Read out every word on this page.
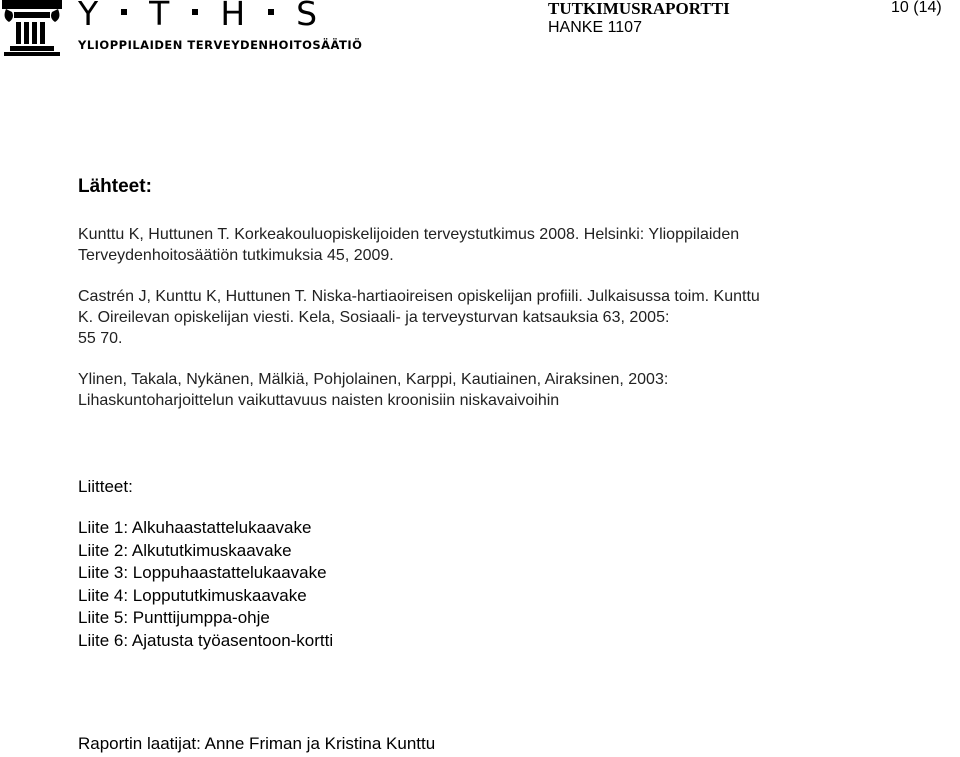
Y T H S
YLIOPPILAIDEN TERVEYDENHOITOSÄÄTIÖ
TUTKIMUSRAPORTTI
HANKE 1107
10 (14)
Lähteet:

Kunttu K, Huttunen T. Korkeakouluopiskelijoiden terveystutkimus 2008. Helsinki: Ylioppilaiden
Terveydenhoitosäätiön tutkimuksia 45, 2009.

Castrén J, Kunttu K, Huttunen T. Niska-hartiaoireisen opiskelijan profiili. Julkaisussa toim. Kunttu
K. Oireilevan opiskelijan viesti. Kela, Sosiaali- ja terveysturvan katsauksia 63, 2005:
55 70.

Ylinen, Takala, Nykänen, Mälkiä, Pohjolainen, Karppi, Kautiainen, Airaksinen, 2003:
Lihaskuntoharjoittelun vaikuttavuus naisten kroonisiin niskavaivoihin

Liitteet:
Liite 1: Alkuhaastattelukaavake
Liite 2: Alkututkimuskaavake
Liite 3: Loppuhaastattelukaavake
Liite 4: Loppututkimuskaavake
Liite 5: Punttijumppa-ohje
Liite 6: Ajatusta työasentoon-kortti
Raportin laatijat: Anne Friman ja Kristina Kunttu
